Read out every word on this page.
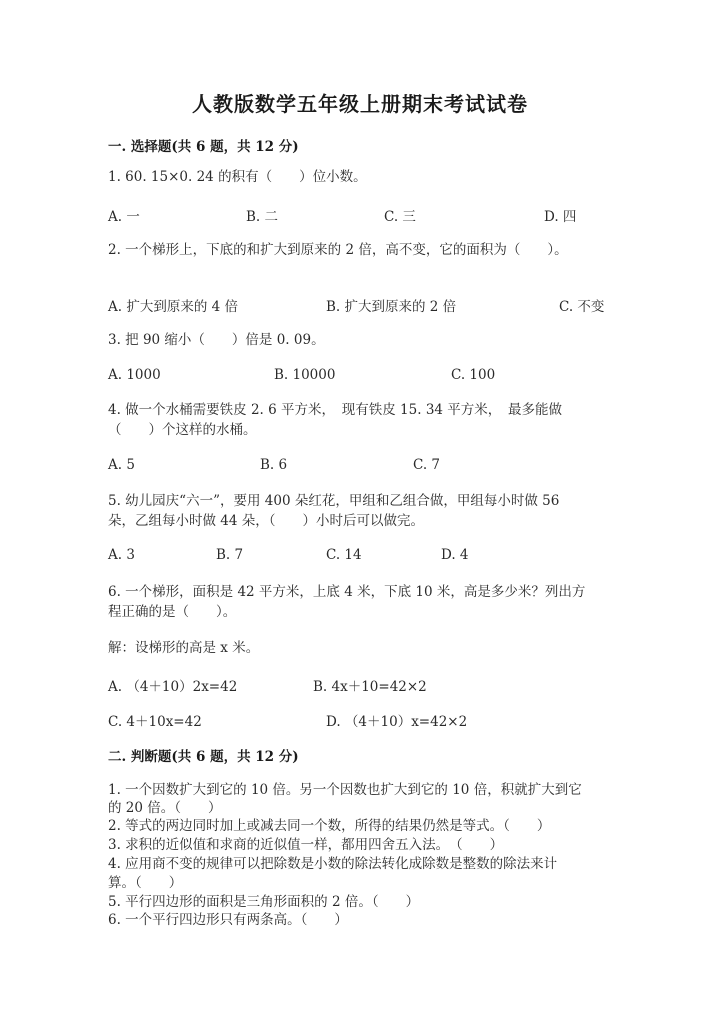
人教版数学五年级上册期末考试试卷
一. 选择题(共 6 题，共 12 分)
1. 60. 15×0. 24 的积有（　　）位小数。
A. 一	B. 二	C. 三	D. 四
2. 一个梯形上，下底的和扩大到原来的 2 倍，高不变，它的面积为（　　）。
A. 扩大到原来的 4 倍	B. 扩大到原来的 2 倍	C. 不变
3. 把 90 缩小（　　）倍是 0. 09。
A. 1000	B. 10000	C. 100
4. 做一个水桶需要铁皮 2. 6 平方米，　现有铁皮 15. 34 平方米，　最多能做
（　　）个这样的水桶。
A. 5	B. 6	C. 7
5. 幼儿园庆“六一”，要用 400 朵红花，甲组和乙组合做，甲组每小时做 56
朵，乙组每小时做 44 朵，（　　）小时后可以做完。
A. 3	B. 7	C. 14	D. 4
6. 一个梯形，面积是 42 平方米，上底 4 米，下底 10 米，高是多少米？列出方
程正确的是（　　）。
解：设梯形的高是 x 米。
A. （4＋10）2x=42	B. 4x＋10=42×2
C. 4＋10x=42	D. （4＋10）x=42×2
二. 判断题(共 6 题，共 12 分)
1. 一个因数扩大到它的 10 倍。另一个因数也扩大到它的 10 倍，积就扩大到它
的 20 倍。（　　）
2. 等式的两边同时加上或减去同一个数，所得的结果仍然是等式。（　　）
3. 求积的近似值和求商的近似值一样，都用四舍五入法。　（　　）
4. 应用商不变的规律可以把除数是小数的除法转化成除数是整数的除法来计
算。（　　）
5. 平行四边形的面积是三角形面积的 2 倍。（　　）
6. 一个平行四边形只有两条高。（　　）
